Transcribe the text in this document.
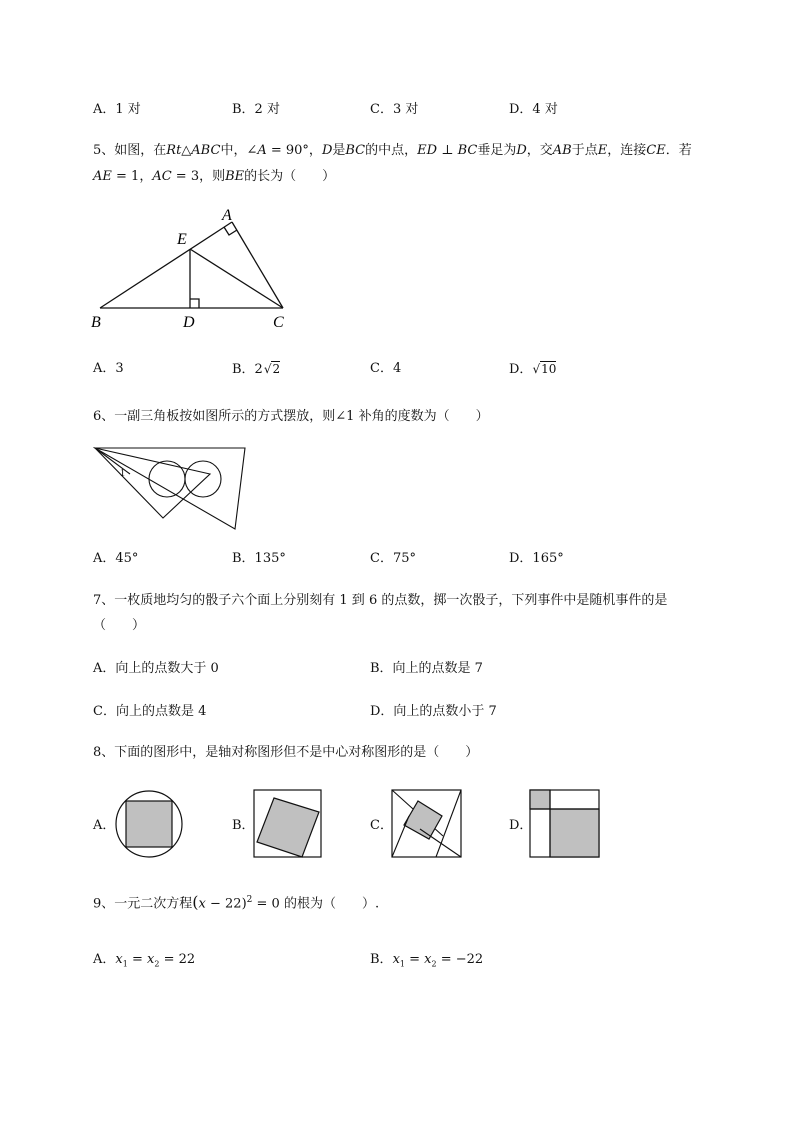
A．1 对	B．2 对	C．3 对	D．4 对
5、如图，在Rt△ABC中，∠A = 90°，D是BC的中点，ED ⊥ BC垂足为D，交AB于点E，连接CE．若
AE = 1，AC = 3，则BE的长为（　　）
A
E
B	D	C
A．3	B．2√2	C．4	D．√10
6、一副三角板按如图所示的方式摆放，则∠1 补角的度数为（　　）
1
A．45°	B．135°	C．75°	D．165°
7、一枚质地均匀的骰子六个面上分别刻有 1 到 6 的点数，掷一次骰子，下列事件中是随机事件的是
（　　）
A．向上的点数大于 0	B．向上的点数是 7
C．向上的点数是 4	D．向上的点数小于 7
8、下面的图形中，是轴对称图形但不是中心对称图形的是（　　）
A．	B．	C．	D．
9、一元二次方程$(x - 22)^2 = 0$ 的根为（　　）.
A．$x_1 = x_2 = 22$	B．$x_1 = x_2 = -22$
